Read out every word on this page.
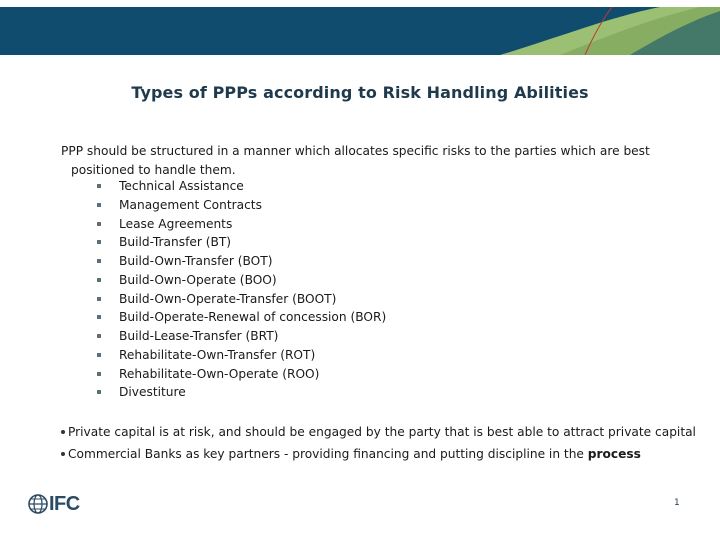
Types of PPPs according to Risk Handling Abilities
PPP should be structured in a manner which allocates specific risks to the parties which are best
positioned to handle them.
Technical Assistance
Management Contracts
Lease Agreements
Build-Transfer (BT)
Build-Own-Transfer (BOT)
Build-Own-Operate (BOO)
Build-Own-Operate-Transfer (BOOT)
Build-Operate-Renewal of concession (BOR)
Build-Lease-Transfer (BRT)
Rehabilitate-Own-Transfer (ROT)
Rehabilitate-Own-Operate (ROO)
Divestiture
Private capital is at risk, and should be engaged by the party that is best able to attract private capital
Commercial Banks as key partners - providing financing and putting discipline in the process
IFC	1
